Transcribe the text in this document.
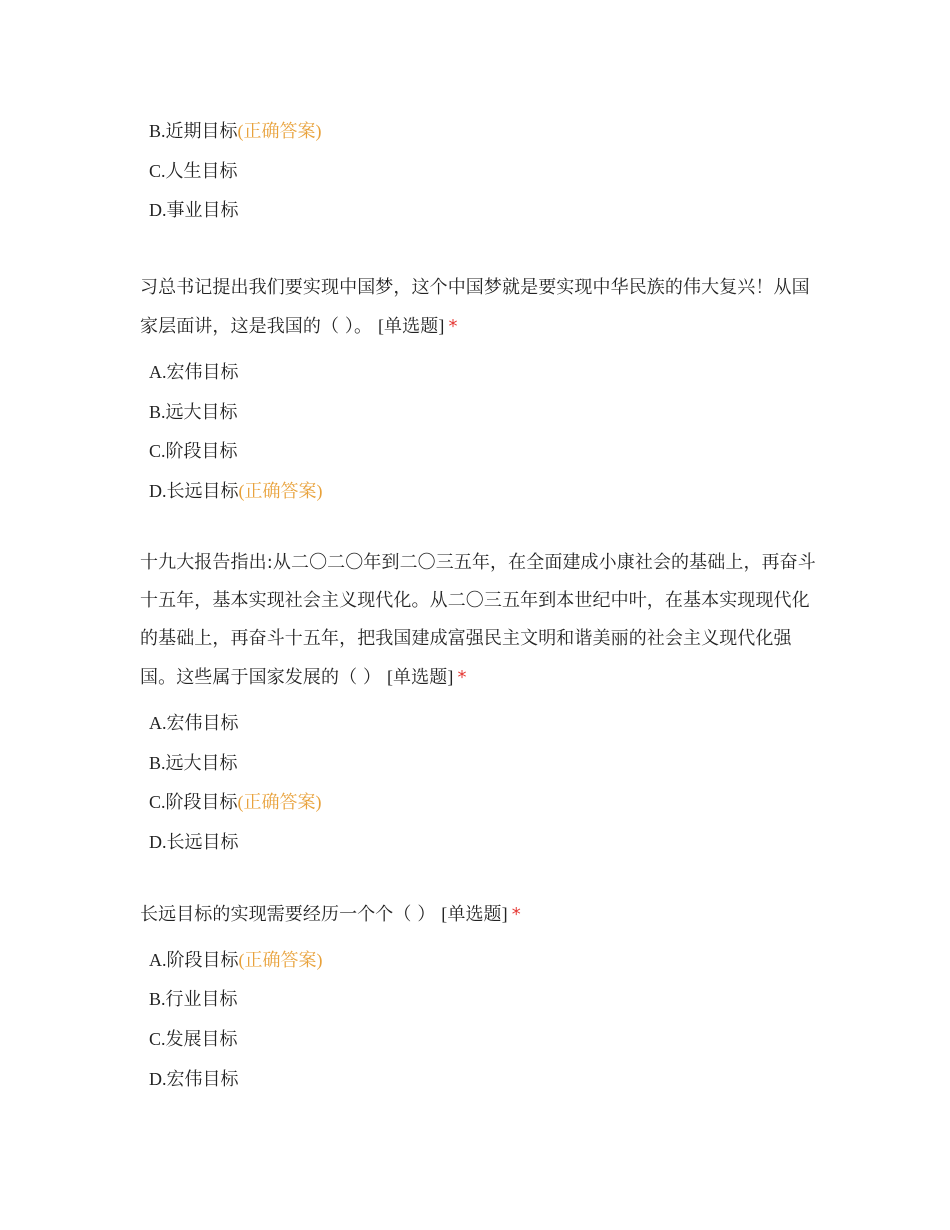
B.近期目标(正确答案)
C.人生目标
D.事业目标
习总书记提出我们要实现中国梦，这个中国梦就是要实现中华民族的伟大复兴！从国家层面讲，这是我国的（ ）。 [单选题] *
A.宏伟目标
B.远大目标
C.阶段目标
D.长远目标(正确答案)
十九大报告指出:从二〇二〇年到二〇三五年，在全面建成小康社会的基础上，再奋斗十五年，基本实现社会主义现代化。从二〇三五年到本世纪中叶，在基本实现现代化的基础上，再奋斗十五年，把我国建成富强民主文明和谐美丽的社会主义现代化强国。这些属于国家发展的（ ） [单选题] *
A.宏伟目标
B.远大目标
C.阶段目标(正确答案)
D.长远目标
长远目标的实现需要经历一个个（ ） [单选题] *
A.阶段目标(正确答案)
B.行业目标
C.发展目标
D.宏伟目标
